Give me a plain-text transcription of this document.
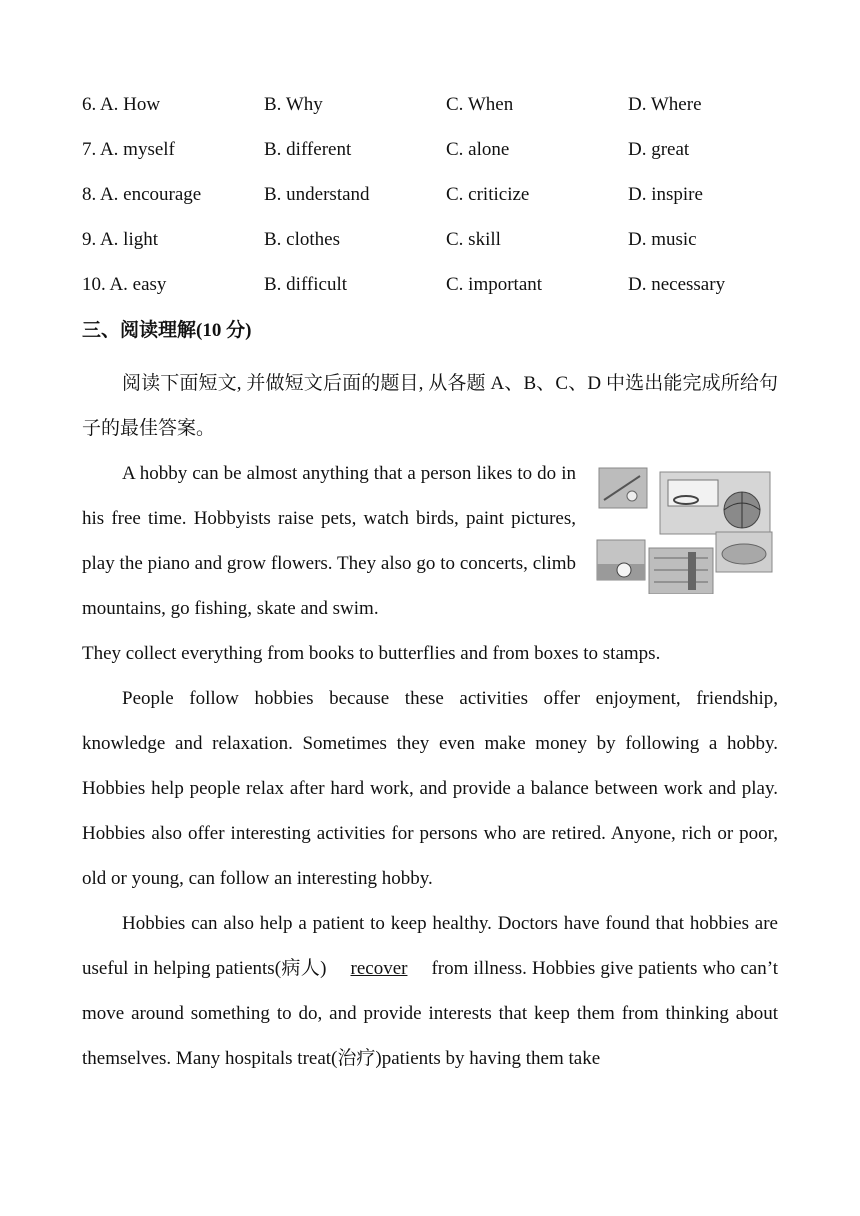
6. A. How	B. Why	C. When	D. Where
7. A. myself	B. different	C. alone	D. great
8. A. encourage	B. understand	C. criticize	D. inspire
9. A. light	B. clothes	C. skill	D. music
10. A. easy	B. difficult	C. important	D. necessary
三、阅读理解(10 分)

阅读下面短文, 并做短文后面的题目, 从各题 A、B、C、D 中选出能完成所给句子的最佳答案。

A hobby can be almost anything that a person likes to do in his free time. Hobbyists raise pets, watch birds, paint pictures, play the piano and grow flowers. They also go to concerts, climb mountains, go fishing, skate and swim.

They collect everything from books to butterflies and from boxes to stamps.

People follow hobbies because these activities offer enjoyment, friendship, knowledge and relaxation. Sometimes they even make money by following a hobby. Hobbies help people relax after hard work, and provide a balance between work and play. Hobbies also offer interesting activities for persons who are retired. Anyone, rich or poor, old or young, can follow an interesting hobby.

Hobbies can also help a patient to keep healthy. Doctors have found that hobbies are useful in helping patients(病人) recover from illness. Hobbies give patients who can’t move around something to do, and provide interests that keep them from thinking about themselves. Many hospitals treat(治疗)patients by having them take
